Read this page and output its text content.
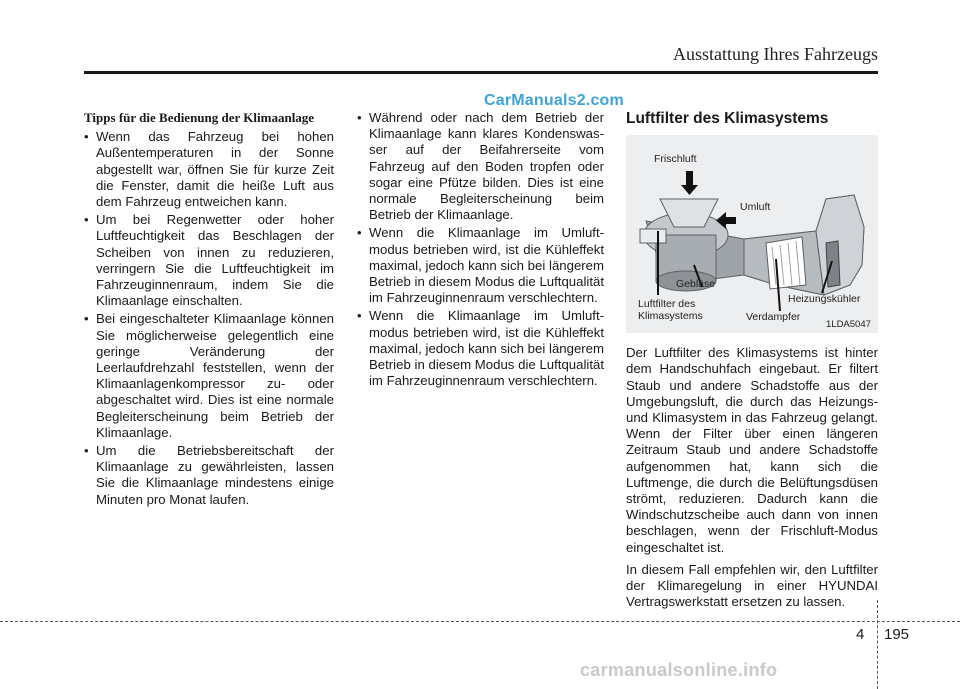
Ausstattung Ihres Fahrzeugs
CarManuals2.com
Tipps für die Bedienung der Klimaanlage
• Wenn das Fahrzeug bei hohen Außentemperaturen in der Sonne abgestellt war, öffnen Sie für kurze Zeit die Fenster, damit die heiße Luft aus dem Fahrzeug entweichen kann.
• Um bei Regenwetter oder hoher Luftfeuchtigkeit das Beschlagen der Scheiben von innen zu reduzieren, verringern Sie die Luftfeuchtigkeit im Fahrzeuginnenraum, indem Sie die Klimaanlage einschalten.
• Bei eingeschalteter Klimaanlage können Sie möglicherweise gelegentlich eine geringe Veränderung der Leerlaufdrehzahl feststellen, wenn der Klimaanlagenkompressor zu- oder abgeschaltet wird. Dies ist eine normale Begleiterscheinung beim Betrieb der Klimaanlage.
• Um die Betriebsbereitschaft der Klimaanlage zu gewährleisten, lassen Sie die Klimaanlage mindestens einige Minuten pro Monat laufen.
• Während oder nach dem Betrieb der Klimaanlage kann klares Kondenswas-ser auf der Beifahrerseite vom Fahrzeug auf den Boden tropfen oder sogar eine Pfütze bilden. Dies ist eine normale Begleiterscheinung beim Betrieb der Klimaanlage.
• Wenn die Klimaanlage im Umluft-modus betrieben wird, ist die Kühleffekt maximal, jedoch kann sich bei längerem Betrieb in diesem Modus die Luftqualität im Fahrzeuginnenraum verschlechtern.
• Wenn die Klimaanlage im Umluft-modus betrieben wird, ist die Kühleffekt maximal, jedoch kann sich bei längerem Betrieb in diesem Modus die Luftqualität im Fahrzeuginnenraum verschlechtern.
Luftfilter des Klimasystems
Frischluft
Umluft
Gebläse
Luftfilter des Klimasystems	Verdampfer
Heizungskühler
1LDA5047

Der Luftfilter des Klimasystems ist hinter dem Handschuhfach eingebaut. Er filtert Staub und andere Schadstoffe aus der Umgebungsluft, die durch das Heizungs- und Klimasystem in das Fahrzeug gelangt. Wenn der Filter über einen längeren Zeitraum Staub und andere Schadstoffe aufgenommen hat, kann sich die Luftmenge, die durch die Belüftungsdüsen strömt, reduzieren. Dadurch kann die Windschutzscheibe auch dann von innen beschlagen, wenn der Frischluft-Modus eingeschaltet ist.

In diesem Fall empfehlen wir, den Luftfilter der Klimaregelung in einer HYUNDAI Vertragswerkstatt ersetzen zu lassen.

4 195
carmanualsonline.info
